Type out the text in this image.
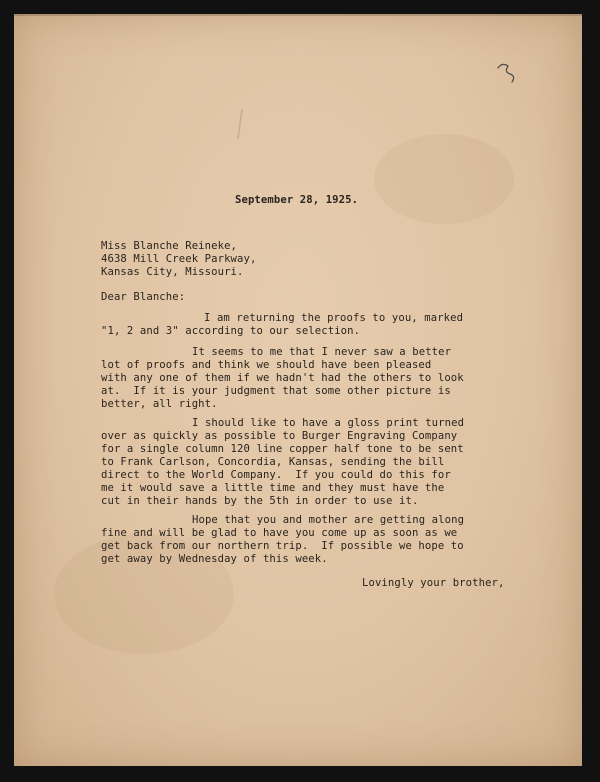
September 28, 1925.
Miss Blanche Reineke,
4638 Mill Creek Parkway,
Kansas City, Missouri.
Dear Blanche:
I am returning the proofs to you, marked
"1, 2 and 3" according to our selection.
It seems to me that I never saw a better
lot of proofs and think we should have been pleased
with any one of them if we hadn't had the others to look
at.  If it is your judgment that some other picture is
better, all right.
I should like to have a gloss print turned
over as quickly as possible to Burger Engraving Company
for a single column 120 line copper half tone to be sent
to Frank Carlson, Concordia, Kansas, sending the bill
direct to the World Company.  If you could do this for
me it would save a little time and they must have the
cut in their hands by the 5th in order to use it.
Hope that you and mother are getting along
fine and will be glad to have you come up as soon as we
get back from our northern trip.  If possible we hope to
get away by Wednesday of this week.
Lovingly your brother,
